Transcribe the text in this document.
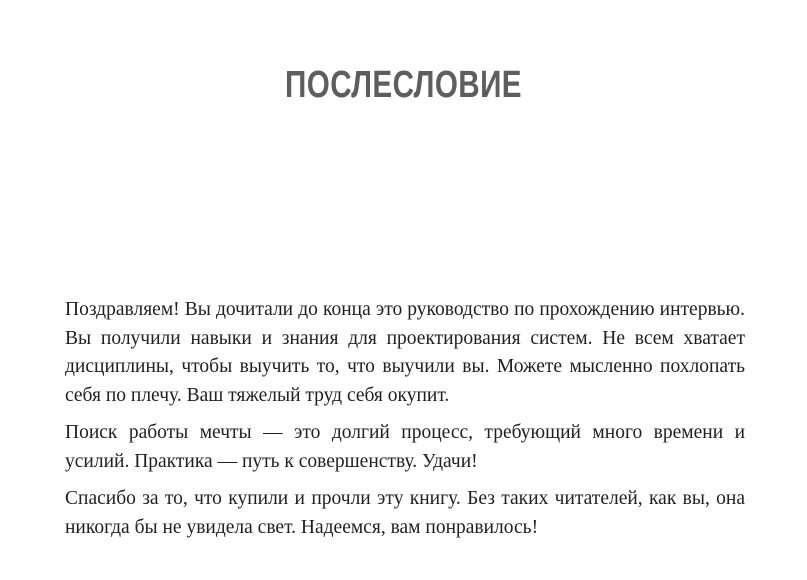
ПОСЛЕСЛОВИЕ

Поздравляем! Вы дочитали до конца это руководство по прохождению интервью. Вы получили навыки и знания для проектирования систем. Не всем хватает дисциплины, чтобы выучить то, что выучили вы. Можете мысленно похлопать себя по плечу. Ваш тяжелый труд себя окупит.

Поиск работы мечты — это долгий процесс, требующий много времени и усилий. Практика — путь к совершенству. Удачи!

Спасибо за то, что купили и прочли эту книгу. Без таких читателей, как вы, она никогда бы не увидела свет. Надеемся, вам понравилось!
